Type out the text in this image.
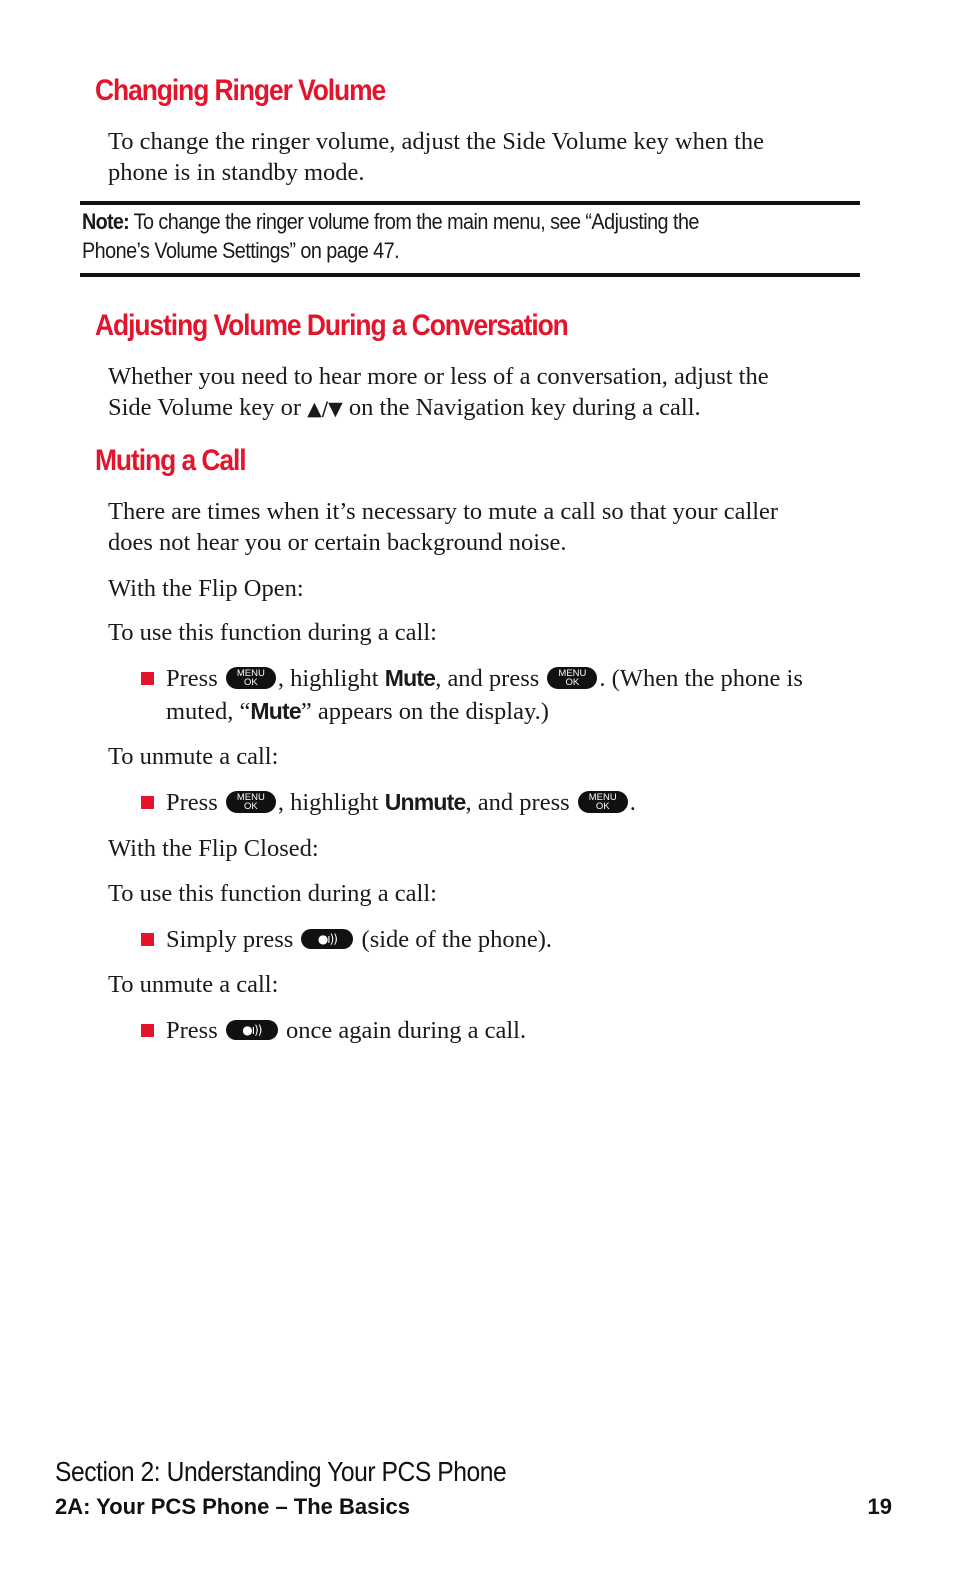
Changing Ringer Volume
To change the ringer volume, adjust the Side Volume key when the
phone is in standby mode.
Note: To change the ringer volume from the main menu, see “Adjusting the
Phone’s Volume Settings” on page 47.
Adjusting Volume During a Conversation
Whether you need to hear more or less of a conversation, adjust the
Side Volume key or ▲/▼ on the Navigation key during a call.
Muting a Call
There are times when it’s necessary to mute a call so that your caller
does not hear you or certain background noise.
With the Flip Open:
To use this function during a call:
Press MENU
OK , highlight Mute, and press MENU
OK . (When the phone is
muted, “Mute” appears on the display.)
To unmute a call:
Press MENU
OK , highlight Unmute, and press MENU
OK .
With the Flip Closed:
To use this function during a call:
Simply press ●ı)) (side of the phone).
To unmute a call:
Press ●ı)) once again during a call.
Section 2: Understanding Your PCS Phone
2A: Your PCS Phone – The Basics	19
